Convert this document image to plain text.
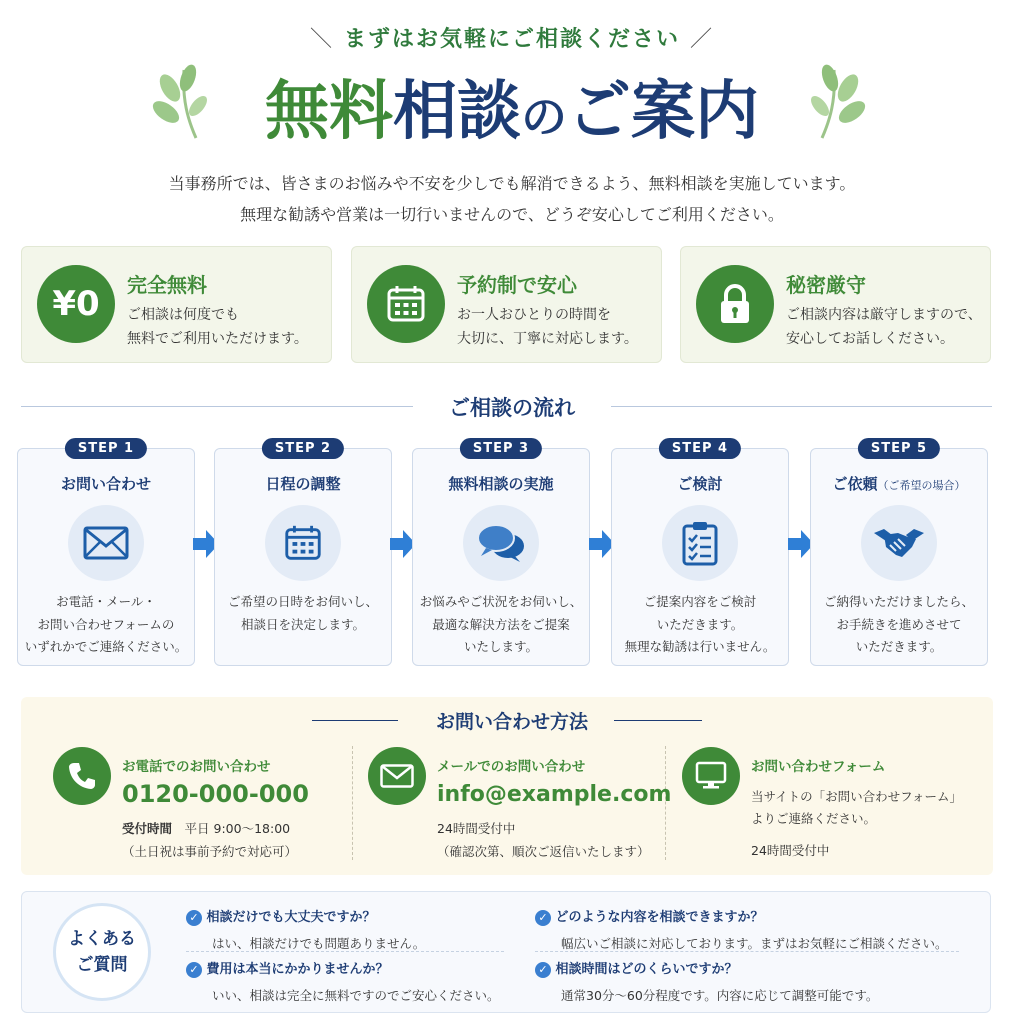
＼ まずはお気軽にご相談ください ／
無料相談のご案内
当事務所では、皆さまのお悩みや不安を少しでも解消できるよう、無料相談を実施しています。
無理な勧誘や営業は一切行いませんので、どうぞ安心してご利用ください。
¥0 完全無料
ご相談は何度でも
無料でご利用いただけます。
予約制で安心
お一人おひとりの時間を
大切に、丁寧に対応します。
秘密厳守
ご相談内容は厳守しますので、
安心してお話しください。
ご相談の流れ
STEP 1
お問い合わせ
お電話・メール・
お問い合わせフォームの
いずれかでご連絡ください。
STEP 2
日程の調整
ご希望の日時をお伺いし、
相談日を決定します。
STEP 3
無料相談の実施
お悩みやご状況をお伺いし、
最適な解決方法をご提案
いたします。
STEP 4
ご検討
ご提案内容をご検討
いただきます。
無理な勧誘は行いません。
STEP 5
ご依頼（ご希望の場合）
ご納得いただけましたら、
お手続きを進めさせて
いただきます。
お問い合わせ方法
お電話でのお問い合わせ
0120-000-000
受付時間　 平日 9:00〜18:00
（土日祝は事前予約で対応可）
メールでのお問い合わせ
info@example.com
24時間受付中
（確認次第、順次ご返信いたします）
お問い合わせフォーム
当サイトの「お問い合わせフォーム」
よりご連絡ください。
24時間受付中
よくある
ご質問
✓ 相談だけでも大丈夫ですか？
はい、相談だけでも問題ありません。
✓ 費用は本当にかかりませんか？
いい、相談は完全に無料ですのでご安心ください。
✓ どのような内容を相談できますか？
幅広いご相談に対応しております。まずはお気軽にご相談ください。
✓ 相談時間はどのくらいですか？
通常30分〜60分程度です。内容に応じて調整可能です。
